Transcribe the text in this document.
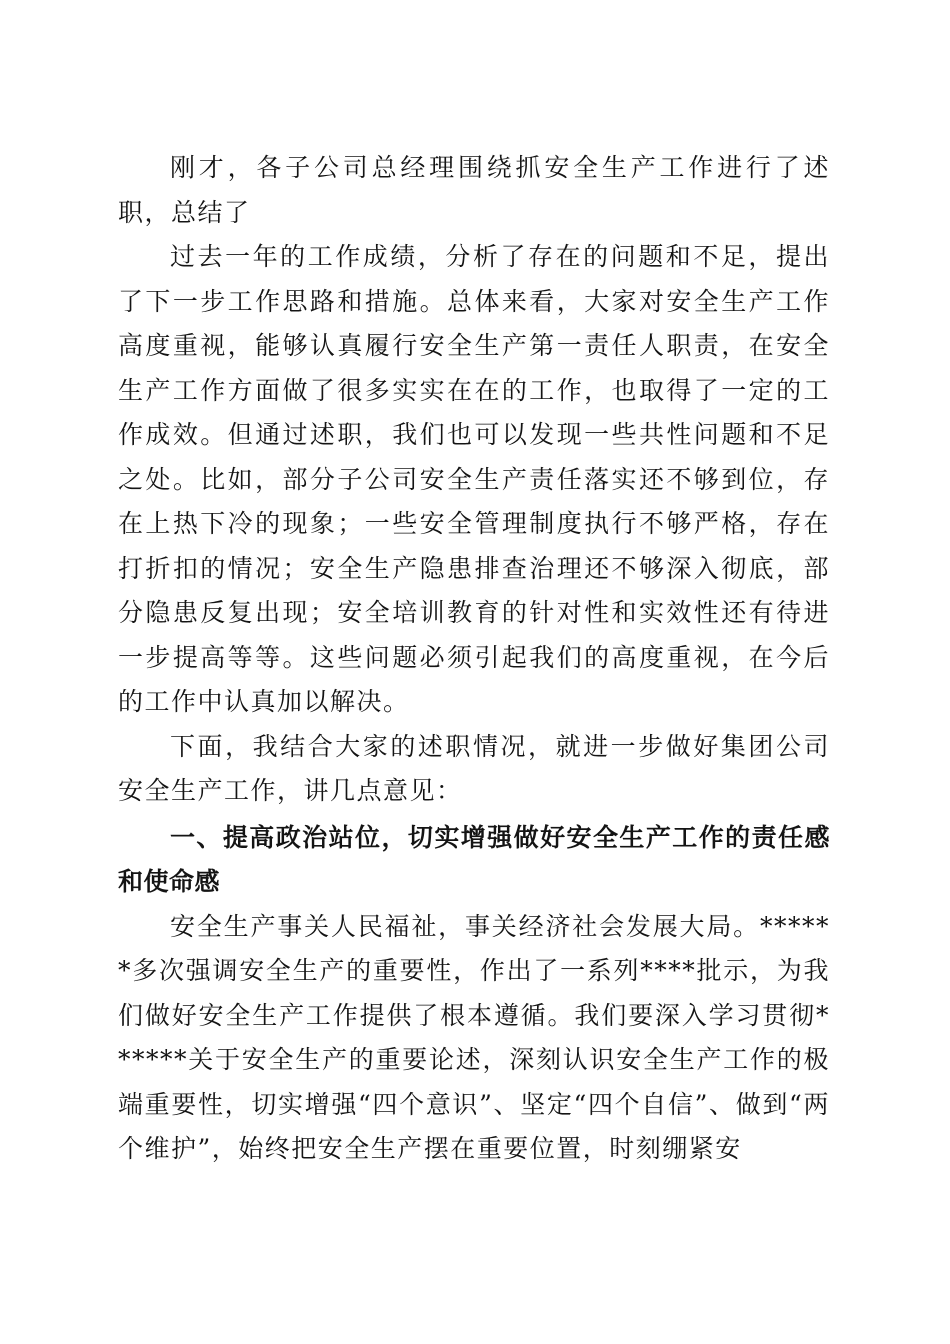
刚才，各子公司总经理围绕抓安全生产工作进行了述职，总结了

过去一年的工作成绩，分析了存在的问题和不足，提出了下一步工作思路和措施。总体来看，大家对安全生产工作高度重视，能够认真履行安全生产第一责任人职责，在安全生产工作方面做了很多实实在在的工作，也取得了一定的工作成效。但通过述职，我们也可以发现一些共性问题和不足之处。比如，部分子公司安全生产责任落实还不够到位，存在上热下冷的现象；一些安全管理制度执行不够严格，存在打折扣的情况；安全生产隐患排查治理还不够深入彻底，部分隐患反复出现；安全培训教育的针对性和实效性还有待进一步提高等等。这些问题必须引起我们的高度重视，在今后的工作中认真加以解决。

下面，我结合大家的述职情况，就进一步做好集团公司安全生产工作，讲几点意见：

一、提高政治站位，切实增强做好安全生产工作的责任感和使命感

安全生产事关人民福祉，事关经济社会发展大局。******多次强调安全生产的重要性，作出了一系列****批示，为我们做好安全生产工作提供了根本遵循。我们要深入学习贯彻******关于安全生产的重要论述，深刻认识安全生产工作的极端重要性，切实增强“四个意识”、坚定“四个自信”、做到“两个维护”，始终把安全生产摆在重要位置，时刻绷紧安
